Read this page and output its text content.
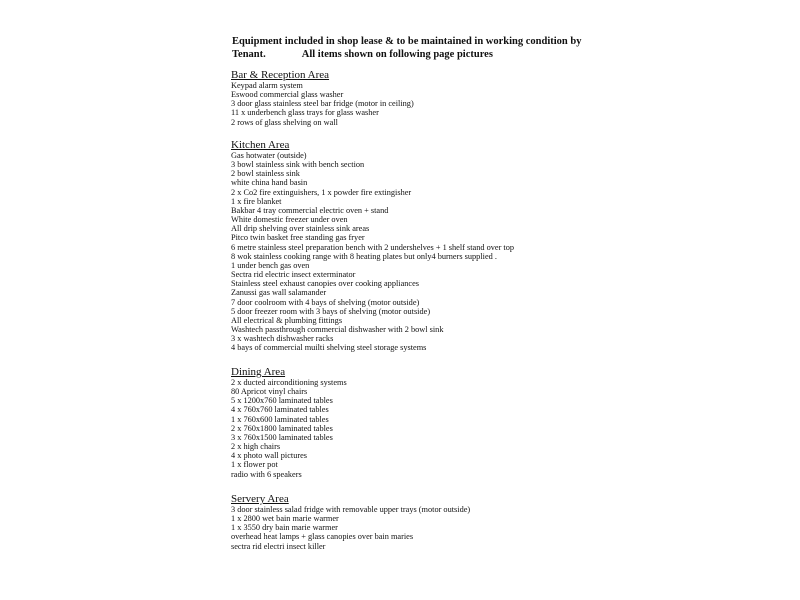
Equipment included in shop lease & to be maintained in working condition by
Tenant.	All items shown on following page pictures
Bar & Reception Area
Keypad alarm system
Eswood commercial glass washer
3 door glass stainless steel bar fridge (motor in ceiling)
11 x underbench glass trays for glass washer
2 rows of glass shelving on wall
Kitchen Area
Gas hotwater (outside)
3 bowl stainless sink with bench section
2 bowl stainless sink
white china hand basin
2 x Co2 fire extinguishers, 1 x powder fire extingisher
1 x fire blanket
Bakbar 4 tray commercial electric oven + stand
White domestic freezer under oven
All drip shelving over stainless sink areas
Pitco twin basket free standing gas fryer
6 metre stainless steel preparation bench with 2 undershelves + 1 shelf stand over top
8 wok stainless cooking range with 8 heating plates but only4 burners supplied .
1 under bench gas oven
Sectra rid electric insect exterminator
Stainless steel exhaust canopies over cooking appliances
Zanussi gas wall salamander
7 door coolroom with 4 bays of shelving (motor outside)
5 door freezer room with 3 bays of shelving (motor outside)
All electrical & plumbing fittings
Washtech passthrough commercial dishwasher with 2 bowl sink
3 x washtech dishwasher racks
4 bays of commercial muilti shelving steel storage systems
Dining Area
2 x ducted airconditioning systems
80 Apricot vinyl chairs
5 x 1200x760 laminated tables
4 x 760x760 laminated tables
1 x 760x600 laminated tables
2 x 760x1800 laminated tables
3 x 760x1500 laminated tables
2 x high chairs
4 x photo wall pictures
1 x flower pot
radio with 6 speakers
Servery Area
3 door stainless salad fridge with removable upper trays (motor outside)
1 x 2800 wet bain marie warmer
1 x 3550 dry bain marie warmer
overhead heat lamps + glass canopies over bain maries
sectra rid electri insect killer
